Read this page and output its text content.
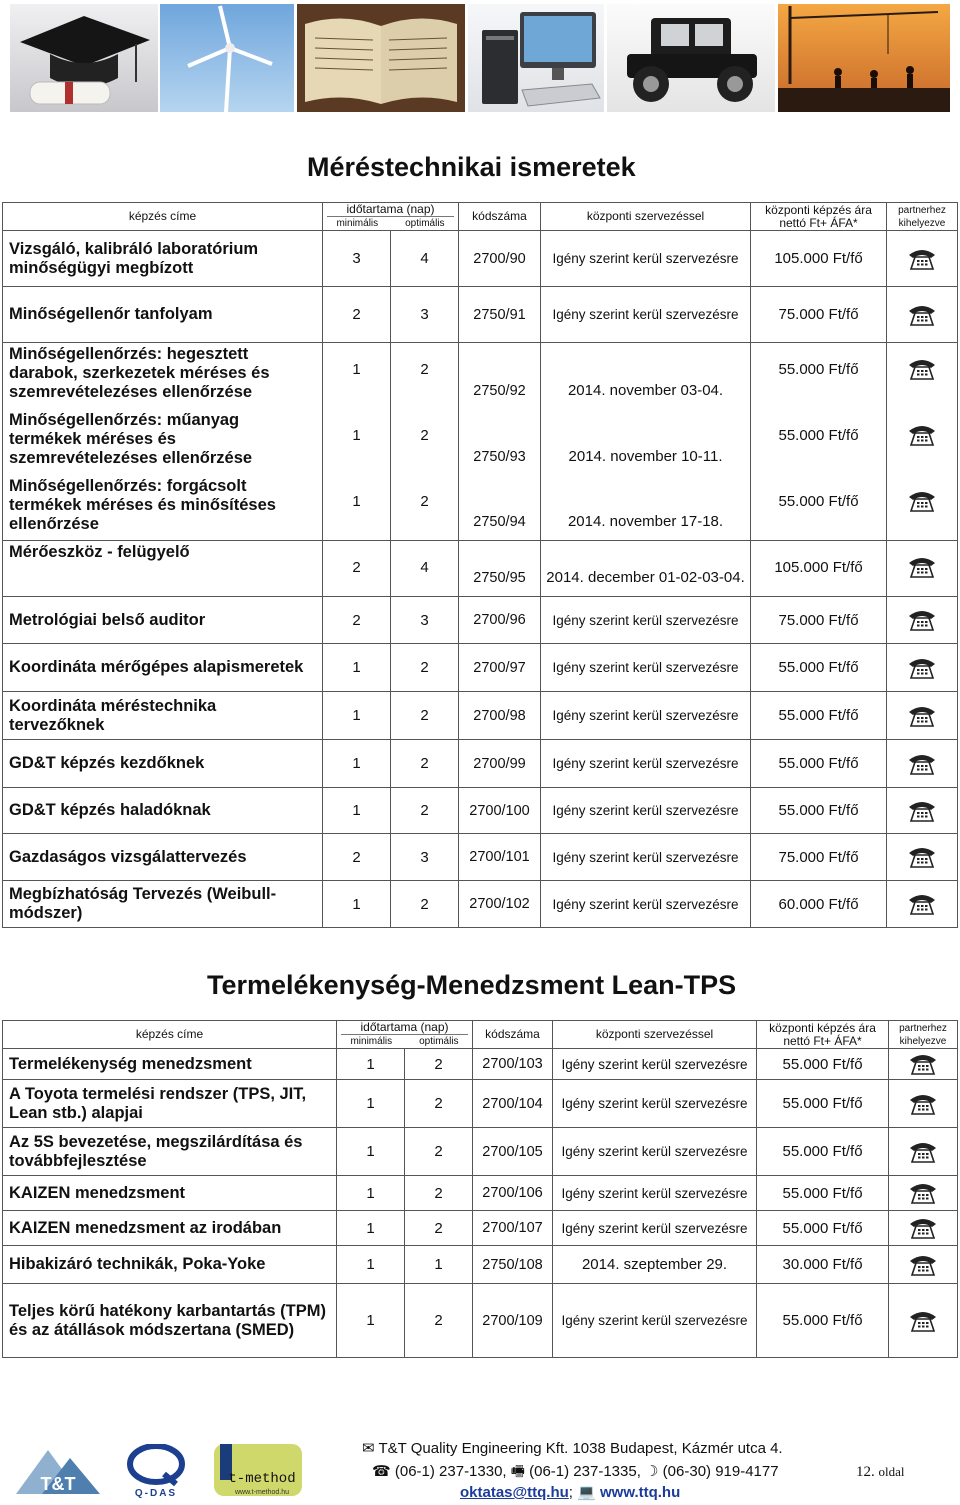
Méréstechnikai ismeretek
képzés címe	időtartama (nap)
minimális optimális		kódszáma	központi szervezéssel	központi képzés ára nettó Ft+ ÁFA*	partnerhez kihelyezve
Vizsgáló, kalibráló laboratórium minőségügyi megbízott	3	4	2700/90	Igény szerint kerül szervezésre	105.000 Ft/fő	
Minőségellenőr tanfolyam	2	3	2750/91	Igény szerint kerül szervezésre	75.000 Ft/fő	
Minőségellenőrzés: hegesztett darabok, szerkezetek méréses és szemrevételezéses ellenőrzése	1	2	2750/92	2014. november 03-04.	55.000 Ft/fő	
Minőségellenőrzés: műanyag termékek méréses és szemrevételezéses ellenőrzése	1	2	2750/93	2014. november 10-11.	55.000 Ft/fő	
Minőségellenőrzés: forgácsolt termékek méréses és minősítéses ellenőrzése	1	2	2750/94	2014. november 17-18.	55.000 Ft/fő	
Mérőeszköz - felügyelő	2	4	2750/95	2014. december 01-02-03-04.	105.000 Ft/fő	
Metrológiai belső auditor	2	3	2700/96	Igény szerint kerül szervezésre	75.000 Ft/fő	
Koordináta mérőgépes alapismeretek	1	2	2700/97	Igény szerint kerül szervezésre	55.000 Ft/fő	
Koordináta méréstechnika tervezőknek	1	2	2700/98	Igény szerint kerül szervezésre	55.000 Ft/fő	
GD&T képzés kezdőknek	1	2	2700/99	Igény szerint kerül szervezésre	55.000 Ft/fő	
GD&T képzés haladóknak	1	2	2700/100	Igény szerint kerül szervezésre	55.000 Ft/fő	
Gazdaságos vizsgálattervezés	2	3	2700/101	Igény szerint kerül szervezésre	75.000 Ft/fő	
Megbízhatóság Tervezés (Weibull-módszer)	1	2	2700/102	Igény szerint kerül szervezésre	60.000 Ft/fő	
Termelékenység-Menedzsment Lean-TPS
képzés címe	időtartama (nap)
minimális optimális		kódszáma	központi szervezéssel	központi képzés ára nettó Ft+ ÁFA*	partnerhez kihelyezve
Termelékenység menedzsment	1	2	2700/103	Igény szerint kerül szervezésre	55.000 Ft/fő	
A Toyota termelési rendszer (TPS, JIT, Lean stb.) alapjai	1	2	2700/104	Igény szerint kerül szervezésre	55.000 Ft/fő	
Az 5S bevezetése, megszilárdítása és továbbfejlesztése	1	2	2700/105	Igény szerint kerül szervezésre	55.000 Ft/fő	
KAIZEN menedzsment	1	2	2700/106	Igény szerint kerül szervezésre	55.000 Ft/fő	
KAIZEN menedzsment az irodában	1	2	2700/107	Igény szerint kerül szervezésre	55.000 Ft/fő	
Hibakizáró technikák, Poka-Yoke	1	1	2750/108	2014. szeptember 29.	30.000 Ft/fő	
Teljes körű hatékony karbantartás (TPM) és az átállások módszertana (SMED)	1	2	2700/109	Igény szerint kerül szervezésre	55.000 Ft/fő	
T&T	Q-DAS
t-method
www.t-method.hu
✉ T&T Quality Engineering Kft. 1038 Budapest, Kázmér utca 4.
☎ (06-1) 237-1330, 🖷 (06-1) 237-1335, ☽ (06-30) 919-4177
oktatas@ttq.hu; 💻 www.ttq.hu
12. oldal
